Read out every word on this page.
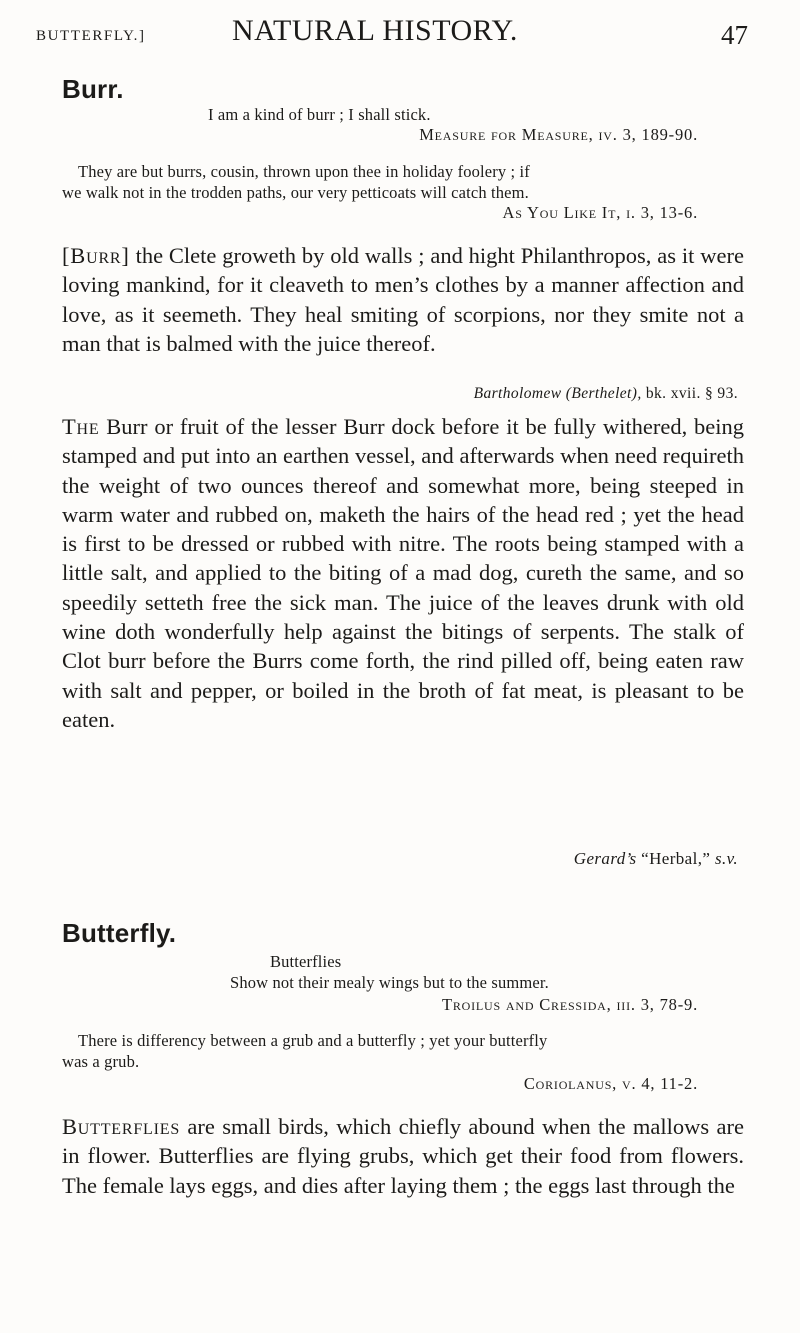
BUTTERFLY.]	NATURAL HISTORY.	47
Burr.
I am a kind of burr ; I shall stick.
Measure for Measure, iv. 3, 189-90.
They are but burrs, cousin, thrown upon thee in holiday foolery ; if
we walk not in the trodden paths, our very petticoats will catch them.
As You Like It, i. 3, 13-6.

[Burr] the Clete groweth by old walls ; and hight Philanthropos, as it were loving mankind, for it cleaveth to men’s clothes by a manner affection and love, as it seemeth. They heal smiting of scorpions, nor they smite not a man that is balmed with the juice thereof.

Bartholomew (Berthelet), bk. xvii. § 93.

The Burr or fruit of the lesser Burr dock before it be fully withered, being stamped and put into an earthen vessel, and afterwards when need requireth the weight of two ounces thereof and somewhat more, being steeped in warm water and rubbed on, maketh the hairs of the head red ; yet the head is first to be dressed or rubbed with nitre. The roots being stamped with a little salt, and applied to the biting of a mad dog, cureth the same, and so speedily setteth free the sick man. The juice of the leaves drunk with old wine doth wonderfully help against the bitings of serpents. The stalk of Clot burr before the Burrs come forth, the rind pilled off, being eaten raw with salt and pepper, or boiled in the broth of fat meat, is pleasant to be eaten.

Gerard’s “Herbal,” s.v.
Butterfly.
Butterflies
Show not their mealy wings but to the summer.
Troilus and Cressida, iii. 3, 78-9.
There is differency between a grub and a butterfly ; yet your butterfly
was a grub.
Coriolanus, v. 4, 11-2.

Butterflies are small birds, which chiefly abound when the mallows are in flower. Butterflies are flying grubs, which get their food from flowers. The female lays eggs, and dies after laying them ; the eggs last through the
